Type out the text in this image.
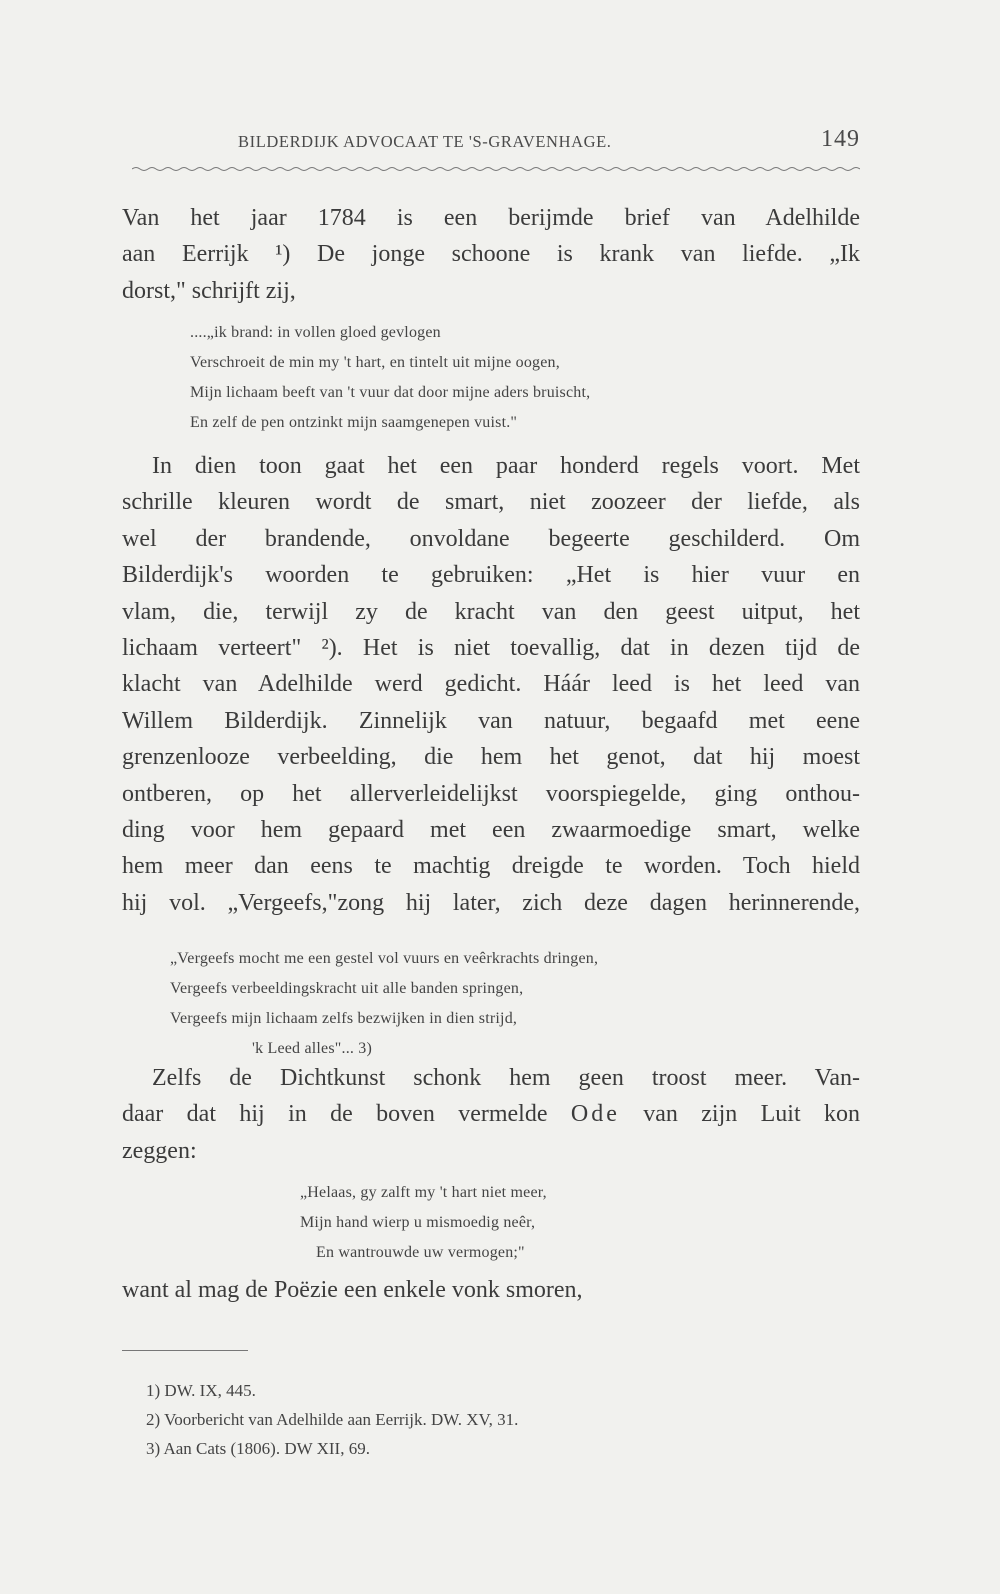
BILDERDIJK ADVOCAAT TE 'S-GRAVENHAGE.	149
Van het jaar 1784 is een berijmde brief van Adelhilde
aan Eerrijk ¹) De jonge schoone is krank van liefde. „Ik
dorst," schrijft zij,
....„ik brand: in vollen gloed gevlogen
Verschroeit de min my 't hart, en tintelt uit mijne oogen,
Mijn lichaam beeft van 't vuur dat door mijne aders bruischt,
En zelf de pen ontzinkt mijn saamgenepen vuist."
In dien toon gaat het een paar honderd regels voort. Met
schrille kleuren wordt de smart, niet zoozeer der liefde, als
wel der brandende, onvoldane begeerte geschilderd. Om
Bilderdijk's woorden te gebruiken: „Het is hier vuur en
vlam, die, terwijl zy de kracht van den geest uitput, het
lichaam verteert" ²). Het is niet toevallig, dat in dezen tijd de
klacht van Adelhilde werd gedicht. Háár leed is het leed van
Willem Bilderdijk. Zinnelijk van natuur, begaafd met eene
grenzenlooze verbeelding, die hem het genot, dat hij moest
ontberen, op het allerverleidelijkst voorspiegelde, ging onthou-
ding voor hem gepaard met een zwaarmoedige smart, welke
hem meer dan eens te machtig dreigde te worden. Toch hield
hij vol. „Vergeefs,"zong hij later, zich deze dagen herinnerende,
„Vergeefs mocht me een gestel vol vuurs en veêrkrachts dringen,
Vergeefs verbeeldingskracht uit alle banden springen,
Vergeefs mijn lichaam zelfs bezwijken in dien strijd,
'k Leed alles"... 3)
Zelfs de Dichtkunst schonk hem geen troost meer. Van-
daar dat hij in de boven vermelde Ode van zijn Luit kon
zeggen:
„Helaas, gy zalft my 't hart niet meer,
Mijn hand wierp u mismoedig neêr,
En wantrouwde uw vermogen;"
want al mag de Poëzie een enkele vonk smoren,
1) DW. IX, 445.
2) Voorbericht van Adelhilde aan Eerrijk. DW. XV, 31.
3) Aan Cats (1806). DW XII, 69.
